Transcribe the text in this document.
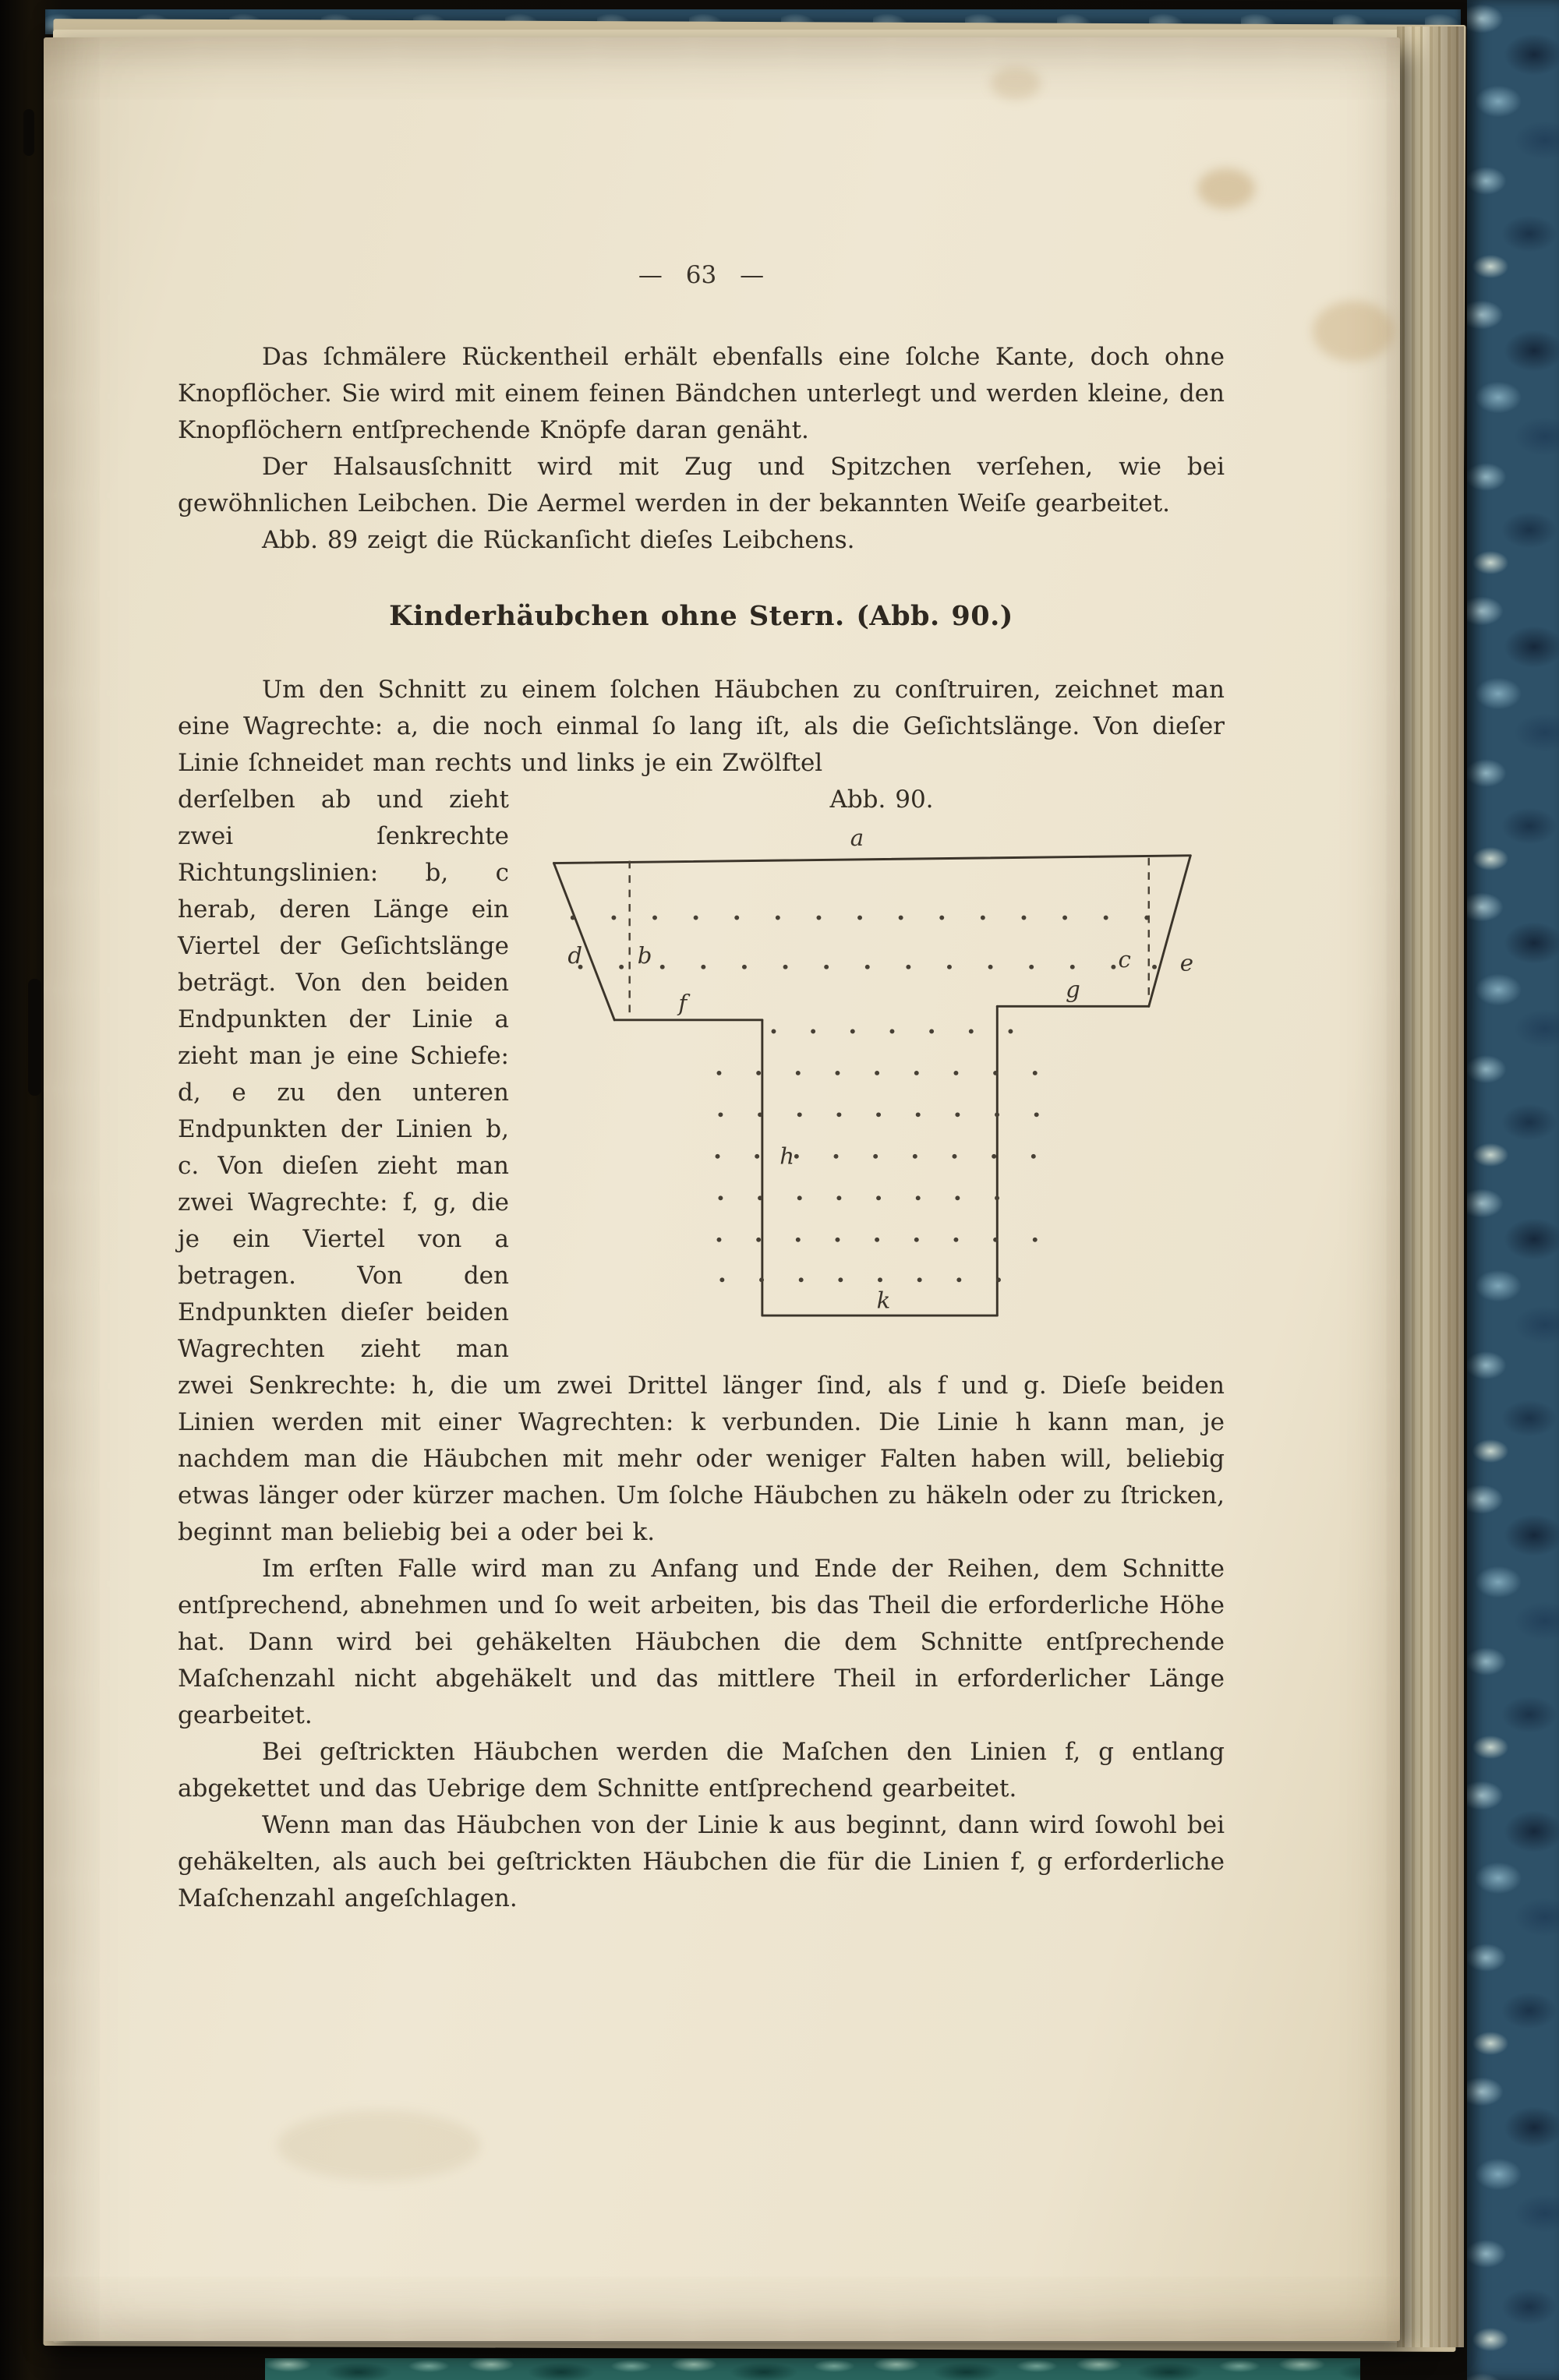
— 63 —

Das ſchmälere Rückentheil erhält ebenfalls eine ſolche Kante, doch ohne Knopflöcher. Sie wird mit einem feinen Bändchen unterlegt und werden kleine, den Knopflöchern entſprechende Knöpfe daran genäht.

Der Halsausſchnitt wird mit Zug und Spitzchen verſehen, wie bei gewöhnlichen Leibchen. Die Aermel werden in der bekannten Weiſe gearbeitet.

Abb. 89 zeigt die Rückanſicht dieſes Leibchens.

Kinderhäubchen ohne Stern. (Abb. 90.)

Um den Schnitt zu einem ſolchen Häubchen zu conſtruiren, zeichnet man eine Wagrechte: a, die noch einmal ſo lang iſt, als die Geſichtslänge. Von dieſer Linie ſchneidet man rechts und links je ein Zwölftel

Abb. 90.
a
b
d	c e
f
g
h
k

derſelben ab und zieht zwei ſenkrechte Richtungslinien: b, c herab, deren Länge ein Viertel der Geſichtslänge beträgt. Von den beiden Endpunkten der Linie a zieht man je eine Schiefe: d, e zu den unteren Endpunkten der Linien b, c. Von dieſen zieht man zwei Wagrechte: f, g, die je ein Viertel von a betragen. Von den Endpunkten dieſer beiden Wagrechten zieht man zwei Senkrechte: h, die um zwei Drittel länger ſind, als f und g. Dieſe beiden Linien werden mit einer Wagrechten: k verbunden. Die Linie h kann man, je nachdem man die Häubchen mit mehr oder weniger Falten haben will, beliebig etwas länger oder kürzer machen. Um ſolche Häubchen zu häkeln oder zu ſtricken, beginnt man beliebig bei a oder bei k.

Im erſten Falle wird man zu Anfang und Ende der Reihen, dem Schnitte entſprechend, abnehmen und ſo weit arbeiten, bis das Theil die erforderliche Höhe hat. Dann wird bei gehäkelten Häubchen die dem Schnitte entſprechende Maſchenzahl nicht abgehäkelt und das mittlere Theil in erforderlicher Länge gearbeitet.

Bei geſtrickten Häubchen werden die Maſchen den Linien f, g entlang abgekettet und das Uebrige dem Schnitte entſprechend gearbeitet.

Wenn man das Häubchen von der Linie k aus beginnt, dann wird ſowohl bei gehäkelten, als auch bei geſtrickten Häubchen die für die Linien f, g erforderliche Maſchenzahl angeſchlagen.
